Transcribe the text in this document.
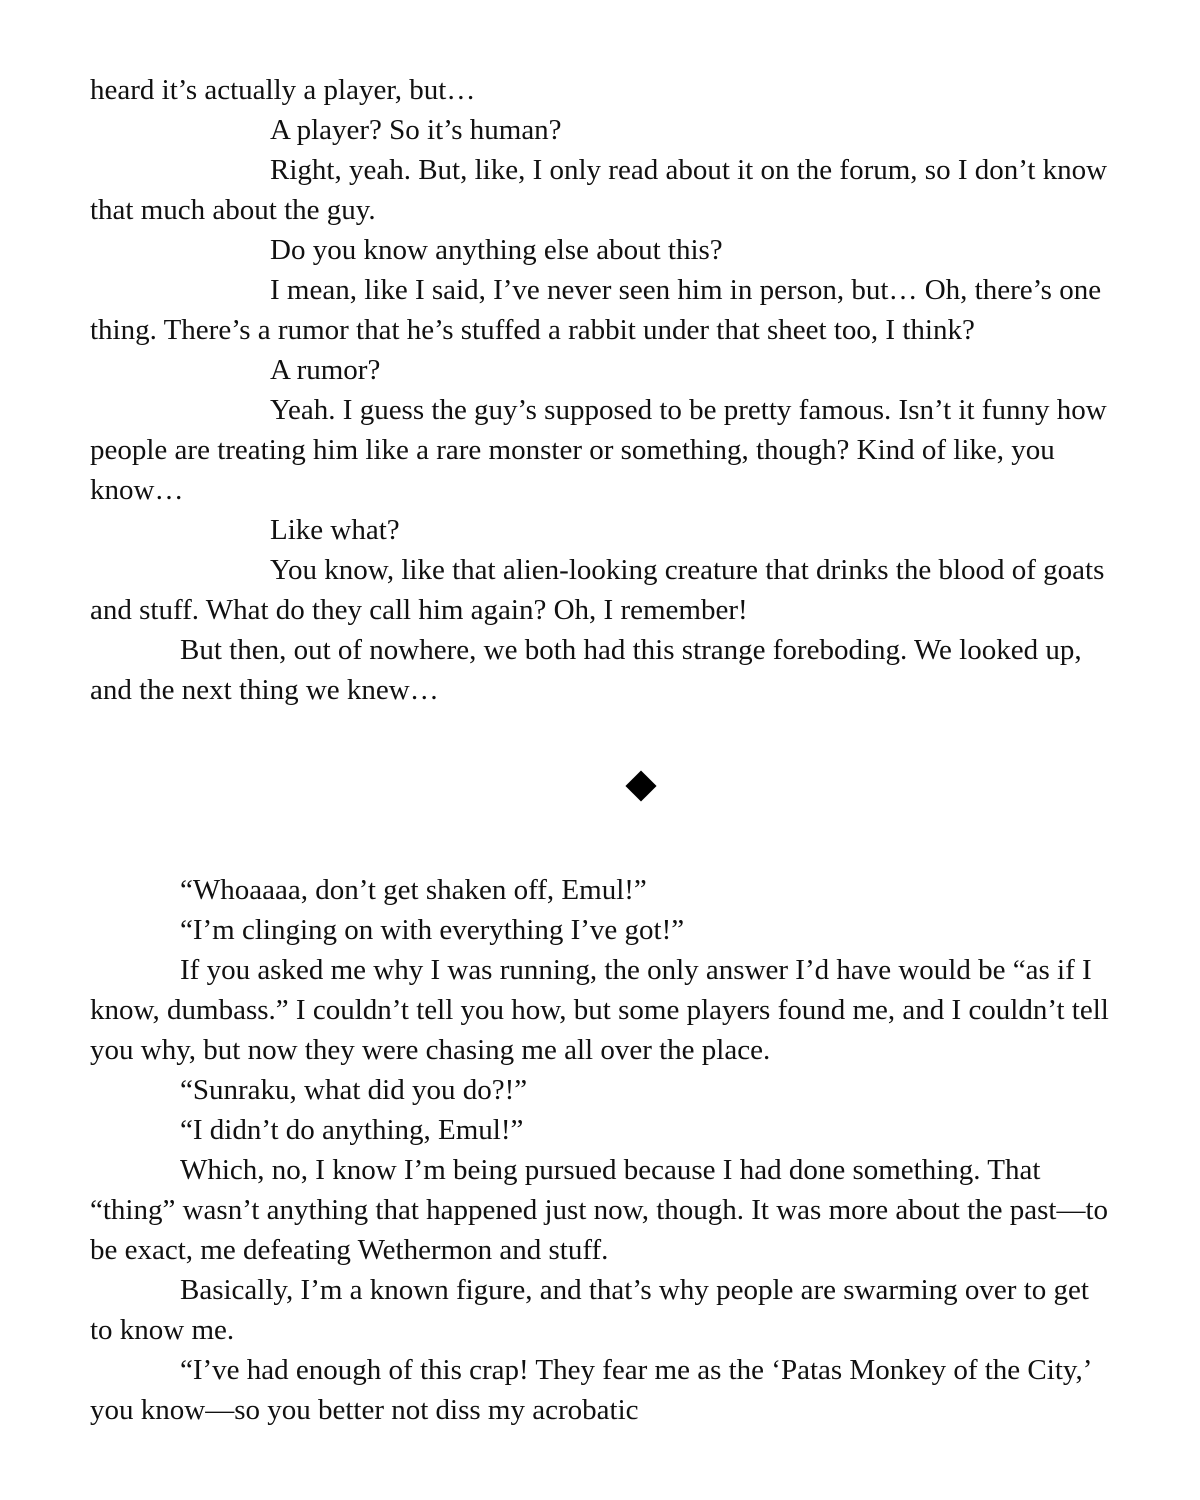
heard it’s actually a player, but…

A player? So it’s human?

Right, yeah. But, like, I only read about it on the forum, so I don’t know that much about the guy.

Do you know anything else about this?

I mean, like I said, I’ve never seen him in person, but… Oh, there’s one thing. There’s a rumor that he’s stuffed a rabbit under that sheet too, I think?

A rumor?

Yeah. I guess the guy’s supposed to be pretty famous. Isn’t it funny how people are treating him like a rare monster or something, though? Kind of like, you know…

Like what?

You know, like that alien-looking creature that drinks the blood of goats and stuff. What do they call him again? Oh, I remember!

But then, out of nowhere, we both had this strange foreboding. We looked up, and the next thing we knew…

“Whoaaaa, don’t get shaken off, Emul!”

“I’m clinging on with everything I’ve got!”

If you asked me why I was running, the only answer I’d have would be “as if I know, dumbass.” I couldn’t tell you how, but some players found me, and I couldn’t tell you why, but now they were chasing me all over the place.

“Sunraku, what did you do?!”

“I didn’t do anything, Emul!”

Which, no, I know I’m being pursued because I had done something. That “thing” wasn’t anything that happened just now, though. It was more about the past—to be exact, me defeating Wethermon and stuff.

Basically, I’m a known figure, and that’s why people are swarming over to get to know me.

“I’ve had enough of this crap! They fear me as the ‘Patas Monkey of the City,’ you know—so you better not diss my acrobatic
